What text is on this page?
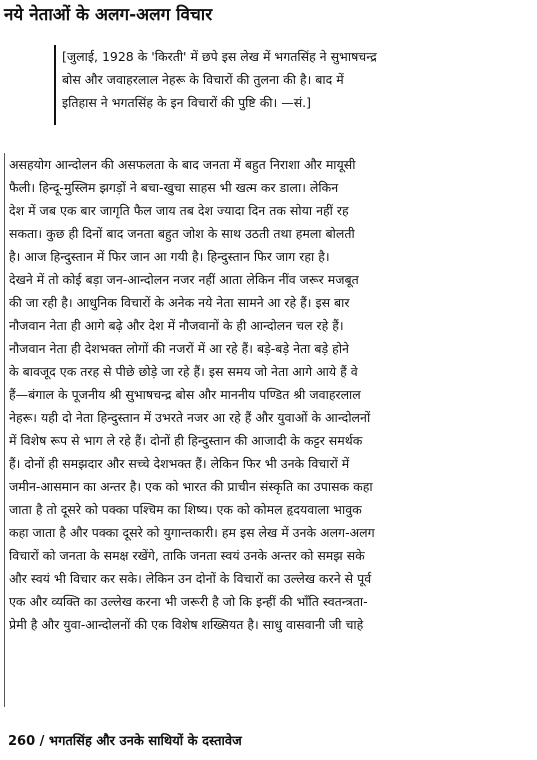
नये नेताओं के अलग-अलग विचार
[जुलाई, 1928 के 'किरती' में छपे इस लेख में भगतसिंह ने सुभाषचन्द्र
बोस और जवाहरलाल नेहरू के विचारों की तुलना की है। बाद में
इतिहास ने भगतसिंह के इन विचारों की पुष्टि की। —सं.]
असहयोग आन्दोलन की असफलता के बाद जनता में बहुत निराशा और मायूसी
फैली। हिन्दू-मुस्लिम झगड़ों ने बचा-खुचा साहस भी खत्म कर डाला। लेकिन
देश में जब एक बार जागृति फैल जाय तब देश ज्यादा दिन तक सोया नहीं रह
सकता। कुछ ही दिनों बाद जनता बहुत जोश के साथ उठती तथा हमला बोलती
है। आज हिन्दुस्तान में फिर जान आ गयी है। हिन्दुस्तान फिर जाग रहा है।
देखने में तो कोई बड़ा जन-आन्दोलन नजर नहीं आता लेकिन नींव जरूर मजबूत
की जा रही है। आधुनिक विचारों के अनेक नये नेता सामने आ रहे हैं। इस बार
नौजवान नेता ही आगे बढ़े और देश में नौजवानों के ही आन्दोलन चल रहे हैं।
नौजवान नेता ही देशभक्त लोगों की नजरों में आ रहे हैं। बड़े-बड़े नेता बड़े होने
के बावजूद एक तरह से पीछे छोड़े जा रहे हैं। इस समय जो नेता आगे आये हैं वे
हैं—बंगाल के पूजनीय श्री सुभाषचन्द्र बोस और माननीय पण्डित श्री जवाहरलाल
नेहरू। यही दो नेता हिन्दुस्तान में उभरते नजर आ रहे हैं और युवाओं के आन्दोलनों
में विशेष रूप से भाग ले रहे हैं। दोनों ही हिन्दुस्तान की आजादी के कट्टर समर्थक
हैं। दोनों ही समझदार और सच्चे देशभक्त हैं। लेकिन फिर भी उनके विचारों में
जमीन-आसमान का अन्तर है। एक को भारत की प्राचीन संस्कृति का उपासक कहा
जाता है तो दूसरे को पक्का पश्चिम का शिष्य। एक को कोमल हृदयवाला भावुक
कहा जाता है और पक्का दूसरे को युगान्तकारी। हम इस लेख में उनके अलग-अलग
विचारों को जनता के समक्ष रखेंगे, ताकि जनता स्वयं उनके अन्तर को समझ सके
और स्वयं भी विचार कर सके। लेकिन उन दोनों के विचारों का उल्लेख करने से पूर्व
एक और व्यक्ति का उल्लेख करना भी जरूरी है जो कि इन्हीं की भाँति स्वतन्त्रता-
प्रेमी है और युवा-आन्दोलनों की एक विशेष शख्सियत है। साधु वासवानी जी चाहे
260 / भगतसिंह और उनके साथियों के दस्तावेज
